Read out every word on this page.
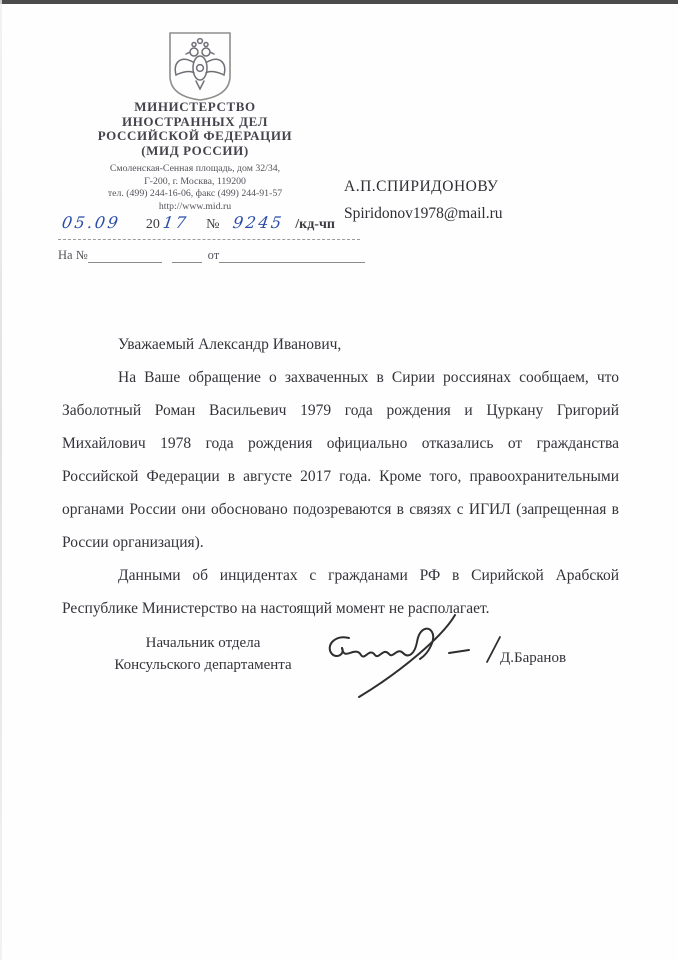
МИНИСТЕРСТВО
ИНОСТРАННЫХ ДЕЛ
РОССИЙСКОЙ ФЕДЕРАЦИИ
(МИД РОССИИ)
Смоленская-Сенная площадь, дом 32/34,
Г-200, г. Москва, 119200
тел. (499) 244-16-06, факс (499) 244-91-57
http://www.mid.ru
05.09 20 17 № 9245 /кд-чп
На №	от
А.П.СПИРИДОНОВУ
Spiridonov1978@mail.ru

Уважаемый Александр Иванович,

На Ваше обращение о захваченных в Сирии россиянах сообщаем, что Заболотный Роман Васильевич 1979 года рождения и Цуркану Григорий Михайлович 1978 года рождения официально отказались от гражданства Российской Федерации в августе 2017 года. Кроме того, правоохранительными органами России они обосновано подозреваются в связях с ИГИЛ (запрещенная в России организация).

Данными об инцидентах с гражданами РФ в Сирийской Арабской Республике Министерство на настоящий момент не располагает.

Начальник отдела
Консульского департамента	Д.Баранов
